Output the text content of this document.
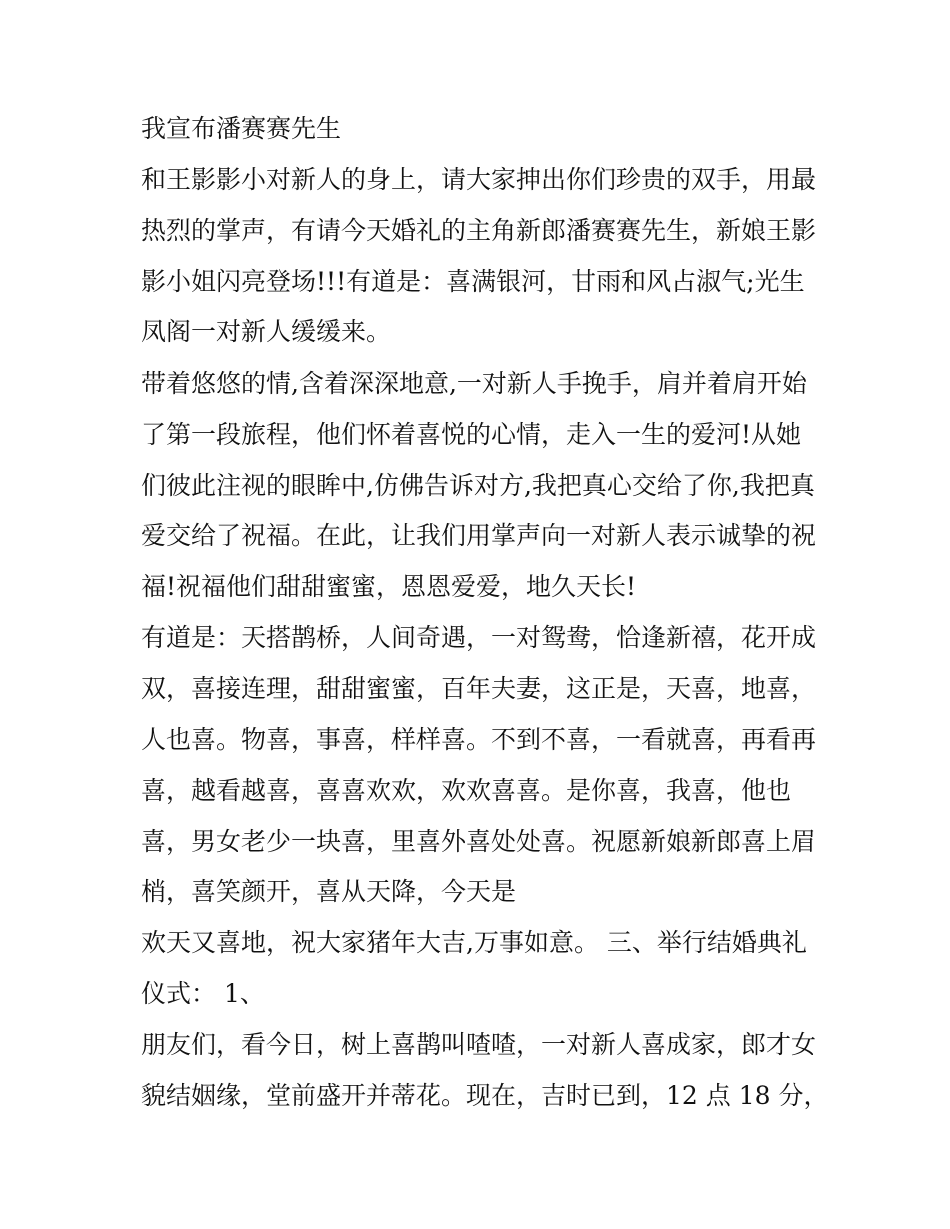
我宣布潘赛赛先生
和王影影小对新人的身上，请大家抻出你们珍贵的双手，用最
热烈的掌声，有请今天婚礼的主角新郎潘赛赛先生，新娘王影
影小姐闪亮登场!!!有道是：喜满银河，甘雨和风占淑气;光生
凤阁一对新人缓缓来。
带着悠悠的情,含着深深地意,一对新人手挽手，肩并着肩开始
了第一段旅程，他们怀着喜悦的心情，走入一生的爱河!从她
们彼此注视的眼眸中,仿佛告诉对方,我把真心交给了你,我把真
爱交给了祝福。在此，让我们用掌声向一对新人表示诚挚的祝
福!祝福他们甜甜蜜蜜，恩恩爱爱，地久天长!
有道是：天搭鹊桥，人间奇遇，一对鸳鸯，恰逢新禧，花开成
双，喜接连理，甜甜蜜蜜，百年夫妻，这正是，天喜，地喜，
人也喜。物喜，事喜，样样喜。不到不喜，一看就喜，再看再
喜，越看越喜，喜喜欢欢，欢欢喜喜。是你喜，我喜，他也
喜，男女老少一块喜，里喜外喜处处喜。祝愿新娘新郎喜上眉
梢，喜笑颜开，喜从天降，今天是
欢天又喜地，祝大家猪年大吉,万事如意。 三、举行结婚典礼
仪式： 1、
朋友们，看今日，树上喜鹊叫喳喳，一对新人喜成家，郎才女
貌结姻缘，堂前盛开并蒂花。现在，吉时已到，12 点 18 分，
